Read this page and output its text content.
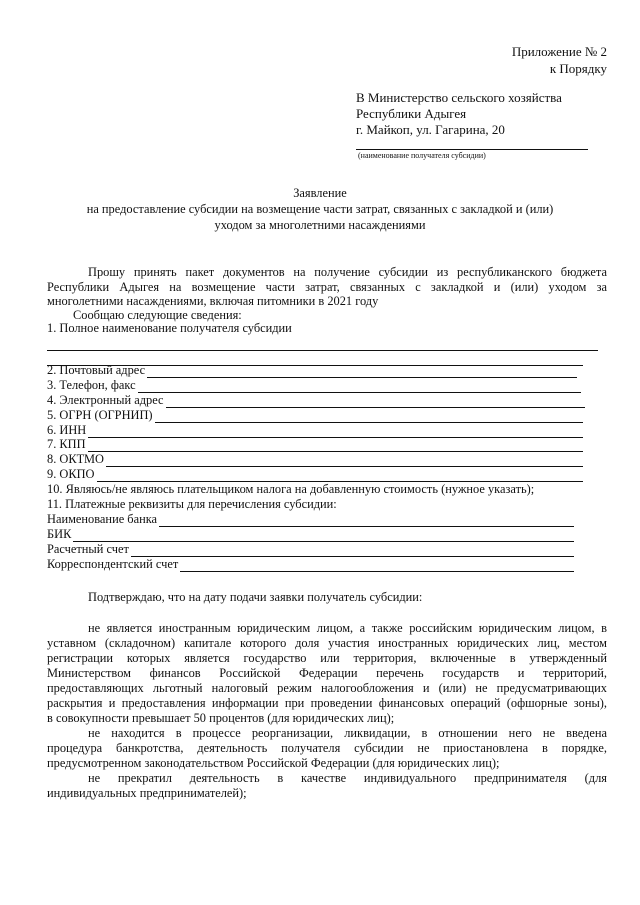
Приложение № 2
к Порядку
В Министерство сельского хозяйства
Республики Адыгея
г. Майкоп, ул. Гагарина, 20
(наименование получателя субсидии)
Заявление
на предоставление субсидии на возмещение части затрат, связанных с закладкой и (или)
уходом за многолетними насаждениями
Прошу принять пакет документов на получение субсидии из республиканского бюджета
Республики Адыгея на возмещение части затрат, связанных с закладкой и (или) уходом за
многолетними насаждениями, включая питомники в 2021 году
Сообщаю следующие сведения:
1. Полное наименование получателя субсидии
2. Почтовый адрес
3. Телефон, факс
4. Электронный адрес
5. ОГРН (ОГРНИП)
6. ИНН
7. КПП
8. ОКТМО
9. ОКПО
10. Являюсь/не являюсь плательщиком налога на добавленную стоимость (нужное указать);
11. Платежные реквизиты для перечисления субсидии:
Наименование банка
БИК
Расчетный счет
Корреспондентский счет
Подтверждаю, что на дату подачи заявки получатель субсидии:
не является иностранным юридическим лицом, а также российским юридическим лицом, в
уставном (складочном) капитале которого доля участия иностранных юридических лиц, местом
регистрации которых является государство или территория, включенные в утвержденный
Министерством финансов Российской Федерации перечень государств и территорий,
предоставляющих льготный налоговый режим налогообложения и (или) не предусматривающих
раскрытия и предоставления информации при проведении финансовых операций (офшорные зоны),
в совокупности превышает 50 процентов (для юридических лиц);
не находится в процессе реорганизации, ликвидации, в отношении него не введена
процедура банкротства, деятельность получателя субсидии не приостановлена в порядке,
предусмотренном законодательством Российской Федерации (для юридических лиц);
не прекратил деятельность в качестве индивидуального предпринимателя (для
индивидуальных предпринимателей);
